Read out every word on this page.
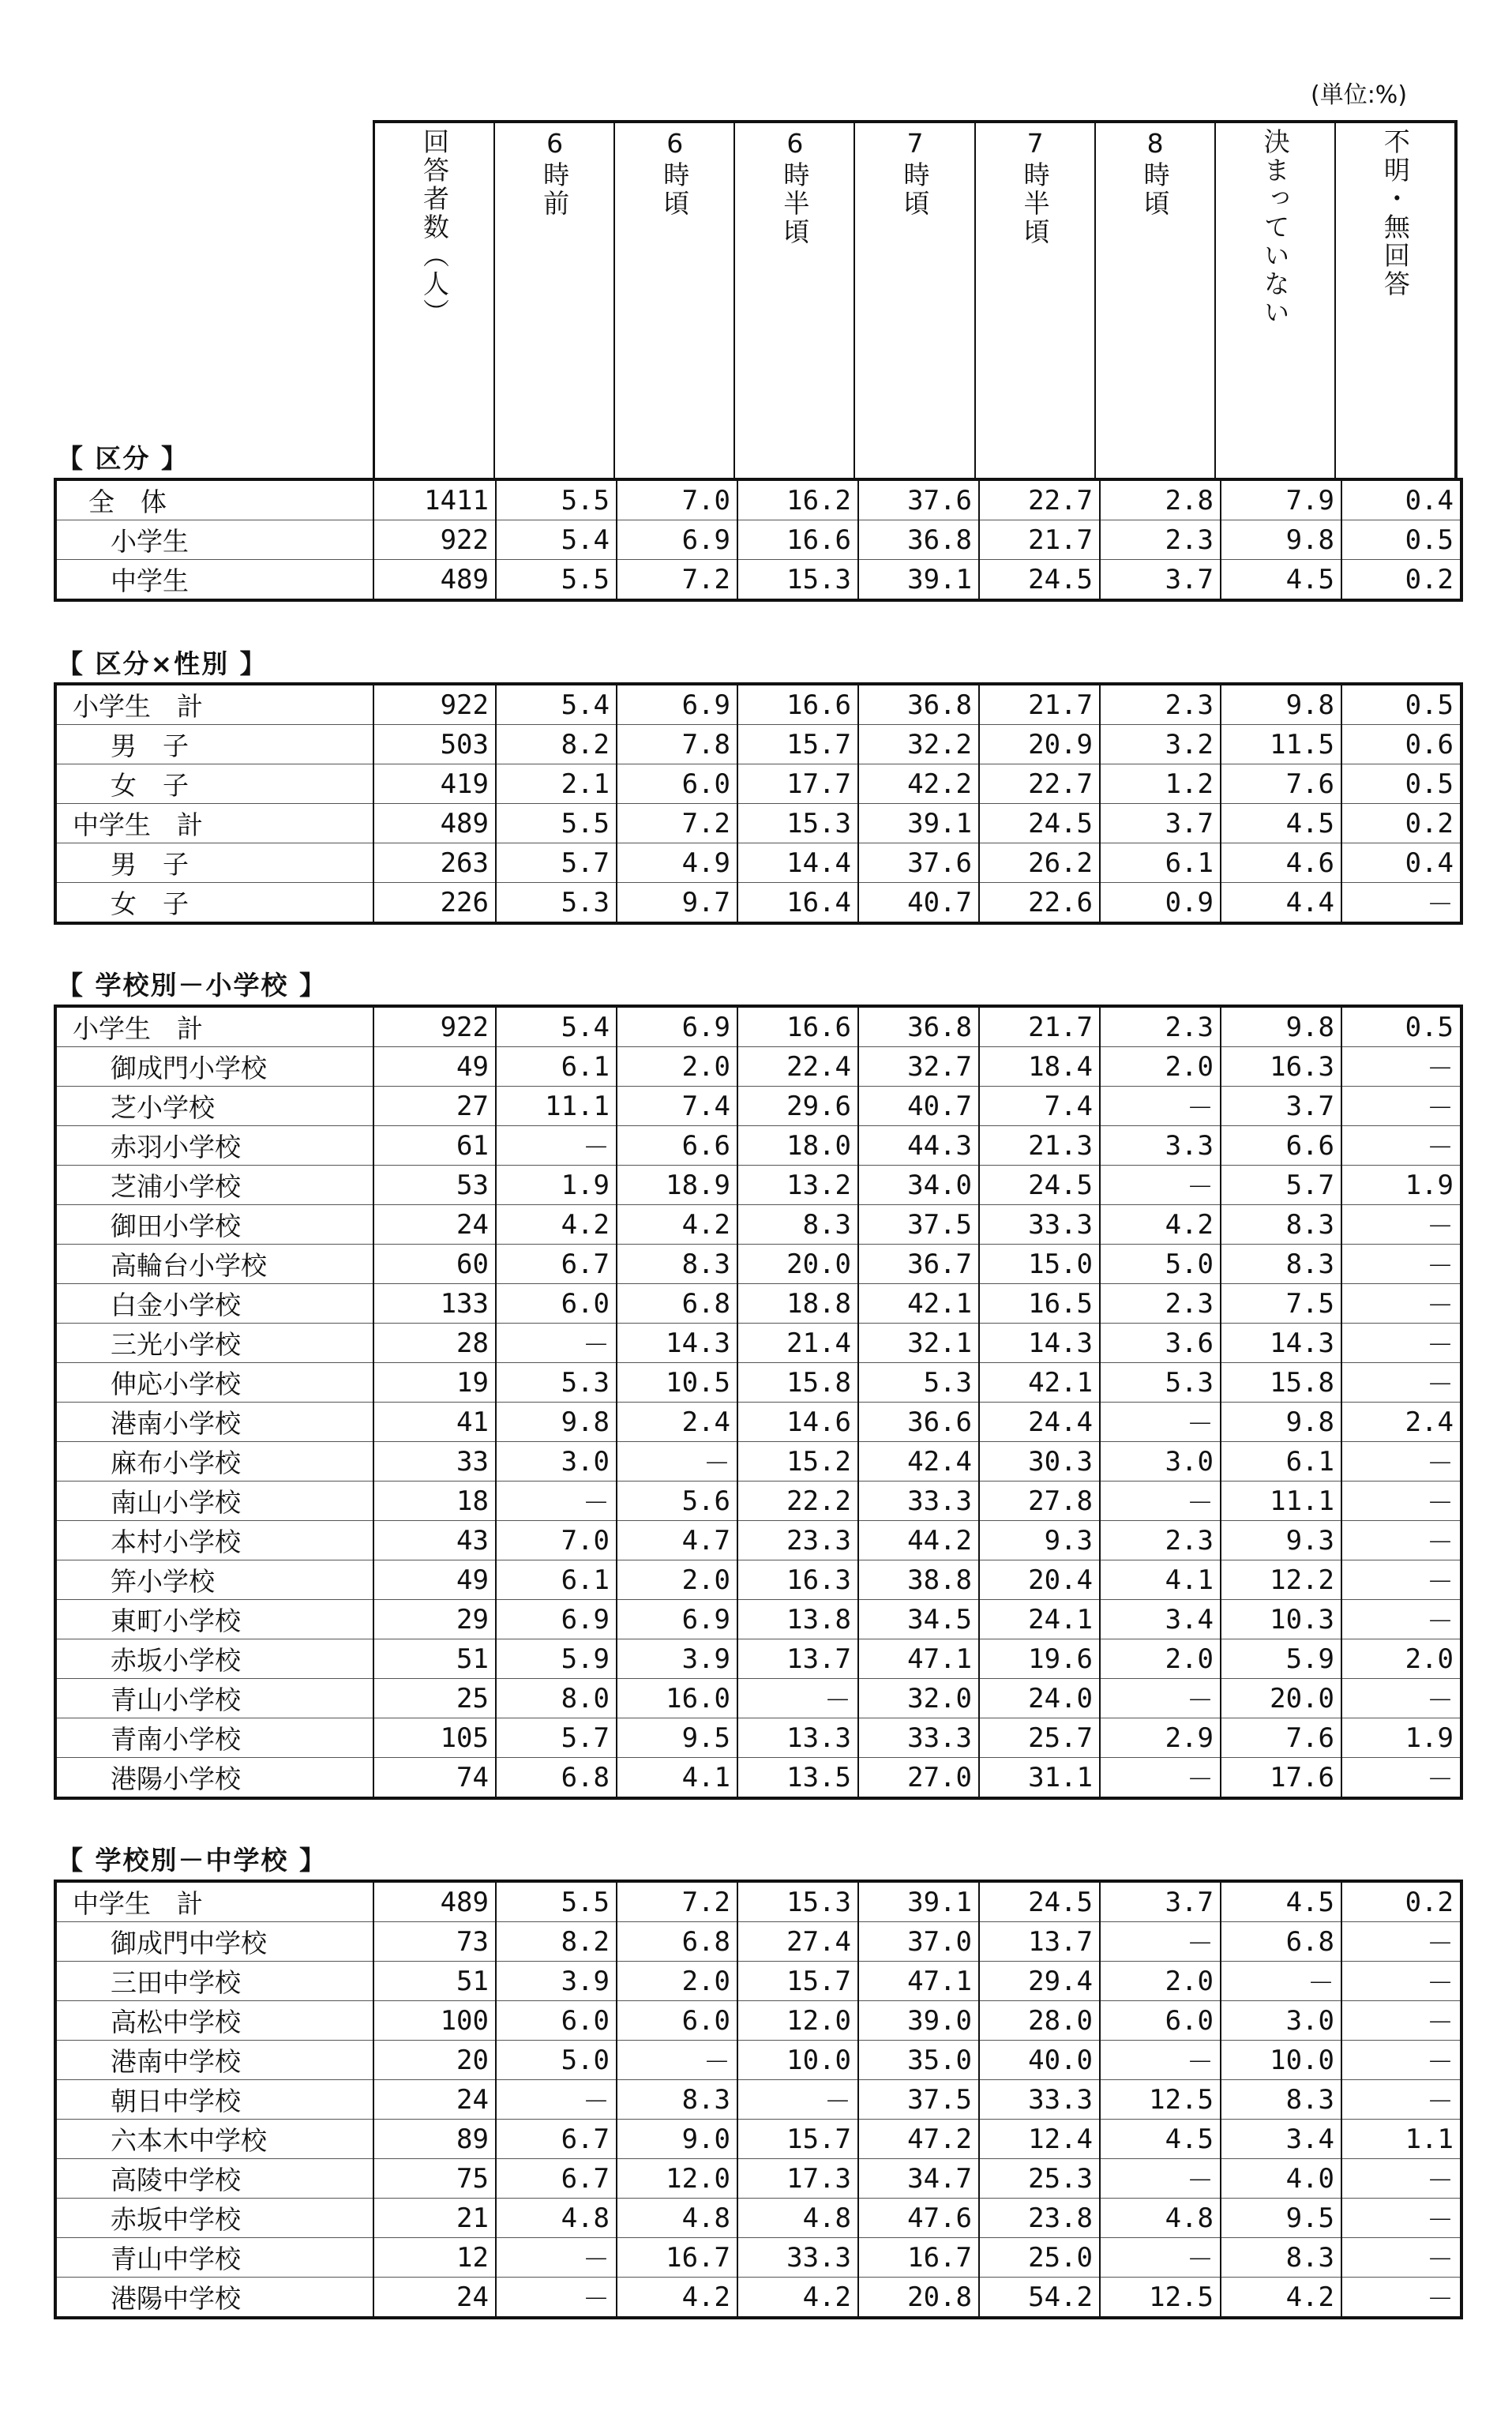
(単位:%)
回答者数（人）	6時前	6時頃	6時半頃	7時頃	7時半頃	8時頃	決まっていない	不明・無回答
【 区分 】
全　体	1411	5.5	7.0	16.2	37.6	22.7	2.8	7.9	0.4
小学生	922	5.4	6.9	16.6	36.8	21.7	2.3	9.8	0.5
中学生	489	5.5	7.2	15.3	39.1	24.5	3.7	4.5	0.2
【 区分×性別 】
小学生　計	922	5.4	6.9	16.6	36.8	21.7	2.3	9.8	0.5
男　子	503	8.2	7.8	15.7	32.2	20.9	3.2	11.5	0.6
女　子	419	2.1	6.0	17.7	42.2	22.7	1.2	7.6	0.5
中学生　計	489	5.5	7.2	15.3	39.1	24.5	3.7	4.5	0.2
男　子	263	5.7	4.9	14.4	37.6	26.2	6.1	4.6	0.4
女　子	226	5.3	9.7	16.4	40.7	22.6	0.9	4.4	－
【 学校別－小学校 】
小学生　計	922	5.4	6.9	16.6	36.8	21.7	2.3	9.8	0.5
御成門小学校	49	6.1	2.0	22.4	32.7	18.4	2.0	16.3	－
芝小学校	27	11.1	7.4	29.6	40.7	7.4	－	3.7	－
赤羽小学校	61	－	6.6	18.0	44.3	21.3	3.3	6.6	－
芝浦小学校	53	1.9	18.9	13.2	34.0	24.5	－	5.7	1.9
御田小学校	24	4.2	4.2	8.3	37.5	33.3	4.2	8.3	－
高輪台小学校	60	6.7	8.3	20.0	36.7	15.0	5.0	8.3	－
白金小学校	133	6.0	6.8	18.8	42.1	16.5	2.3	7.5	－
三光小学校	28	－	14.3	21.4	32.1	14.3	3.6	14.3	－
伸応小学校	19	5.3	10.5	15.8	5.3	42.1	5.3	15.8	－
港南小学校	41	9.8	2.4	14.6	36.6	24.4	－	9.8	2.4
麻布小学校	33	3.0	－	15.2	42.4	30.3	3.0	6.1	－
南山小学校	18	－	5.6	22.2	33.3	27.8	－	11.1	－
本村小学校	43	7.0	4.7	23.3	44.2	9.3	2.3	9.3	－
笄小学校	49	6.1	2.0	16.3	38.8	20.4	4.1	12.2	－
東町小学校	29	6.9	6.9	13.8	34.5	24.1	3.4	10.3	－
赤坂小学校	51	5.9	3.9	13.7	47.1	19.6	2.0	5.9	2.0
青山小学校	25	8.0	16.0	－	32.0	24.0	－	20.0	－
青南小学校	105	5.7	9.5	13.3	33.3	25.7	2.9	7.6	1.9
港陽小学校	74	6.8	4.1	13.5	27.0	31.1	－	17.6	－
【 学校別－中学校 】
中学生　計	489	5.5	7.2	15.3	39.1	24.5	3.7	4.5	0.2
御成門中学校	73	8.2	6.8	27.4	37.0	13.7	－	6.8	－
三田中学校	51	3.9	2.0	15.7	47.1	29.4	2.0	－	－
高松中学校	100	6.0	6.0	12.0	39.0	28.0	6.0	3.0	－
港南中学校	20	5.0	－	10.0	35.0	40.0	－	10.0	－
朝日中学校	24	－	8.3	－	37.5	33.3	12.5	8.3	－
六本木中学校	89	6.7	9.0	15.7	47.2	12.4	4.5	3.4	1.1
高陵中学校	75	6.7	12.0	17.3	34.7	25.3	－	4.0	－
赤坂中学校	21	4.8	4.8	4.8	47.6	23.8	4.8	9.5	－
青山中学校	12	－	16.7	33.3	16.7	25.0	－	8.3	－
港陽中学校	24	－	4.2	4.2	20.8	54.2	12.5	4.2	－
